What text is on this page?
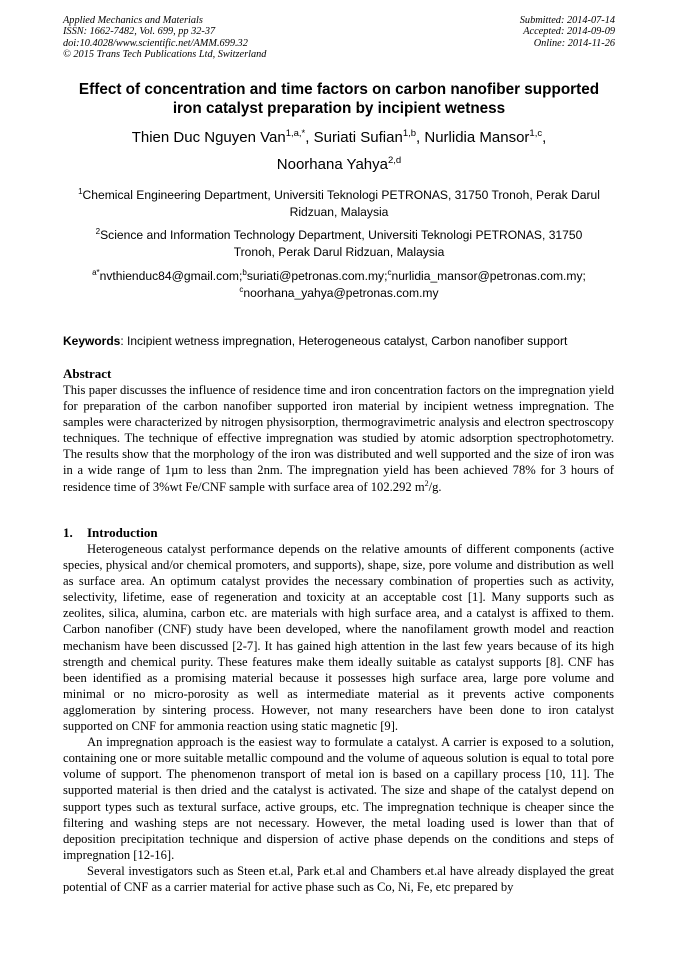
Applied Mechanics and Materials
ISSN: 1662-7482, Vol. 699, pp 32-37
doi:10.4028/www.scientific.net/AMM.699.32
© 2015 Trans Tech Publications Ltd, Switzerland
Submitted: 2014-07-14
Accepted: 2014-09-09
Online: 2014-11-26
Effect of concentration and time factors on carbon nanofiber supported
iron catalyst preparation by incipient wetness
Thien Duc Nguyen Van$^{1,a,*}$, Suriati Sufian$^{1,b}$, Nurlidia Mansor$^{1,c}$,
Noorhana Yahya$^{2,d}$
$^1$Chemical Engineering Department, Universiti Teknologi PETRONAS, 31750 Tronoh, Perak Darul
Ridzuan, Malaysia
$^2$Science and Information Technology Department, Universiti Teknologi PETRONAS, 31750
Tronoh, Perak Darul Ridzuan, Malaysia
$^{a*}$nvthienduc84@gmail.com;$^b$suriati@petronas.com.my;$^c$nurlidia_mansor@petronas.com.my;
$^c$noorhana_yahya@petronas.com.my
Keywords: Incipient wetness impregnation, Heterogeneous catalyst, Carbon nanofiber support
Abstract
This paper discusses the influence of residence time and iron concentration factors on the impregnation yield for preparation of the carbon nanofiber supported iron material by incipient wetness impregnation. The samples were characterized by nitrogen physisorption, thermogravimetric analysis and electron spectroscopy techniques. The technique of effective impregnation was studied by atomic adsorption spectrophotometry. The results show that the morphology of the iron was distributed and well supported and the size of iron was in a wide range of 1µm to less than 2nm. The impregnation yield has been achieved 78% for 3 hours of residence time of 3%wt Fe/CNF sample with surface area of 102.292 $m^2/g$.
1. Introduction

Heterogeneous catalyst performance depends on the relative amounts of different components (active species, physical and/or chemical promoters, and supports), shape, size, pore volume and distribution as well as surface area. An optimum catalyst provides the necessary combination of properties such as activity, selectivity, lifetime, ease of regeneration and toxicity at an acceptable cost [1]. Many supports such as zeolites, silica, alumina, carbon etc. are materials with high surface area, and a catalyst is affixed to them. Carbon nanofiber (CNF) study have been developed, where the nanofilament growth model and reaction mechanism have been discussed [2-7]. It has gained high attention in the last few years because of its high strength and chemical purity. These features make them ideally suitable as catalyst supports [8]. CNF has been identified as a promising material because it possesses high surface area, large pore volume and minimal or no micro-porosity as well as intermediate material as it prevents active components agglomeration by sintering process. However, not many researchers have been done to iron catalyst supported on CNF for ammonia reaction using static magnetic [9].

An impregnation approach is the easiest way to formulate a catalyst. A carrier is exposed to a solution, containing one or more suitable metallic compound and the volume of aqueous solution is equal to total pore volume of support. The phenomenon transport of metal ion is based on a capillary process [10, 11]. The supported material is then dried and the catalyst is activated. The size and shape of the catalyst depend on support types such as textural surface, active groups, etc. The impregnation technique is cheaper since the filtering and washing steps are not necessary. However, the metal loading used is lower than that of deposition precipitation technique and dispersion of active phase depends on the conditions and steps of impregnation [12-16].

Several investigators such as Steen et.al, Park et.al and Chambers et.al have already displayed the great potential of CNF as a carrier material for active phase such as Co, Ni, Fe, etc prepared by
